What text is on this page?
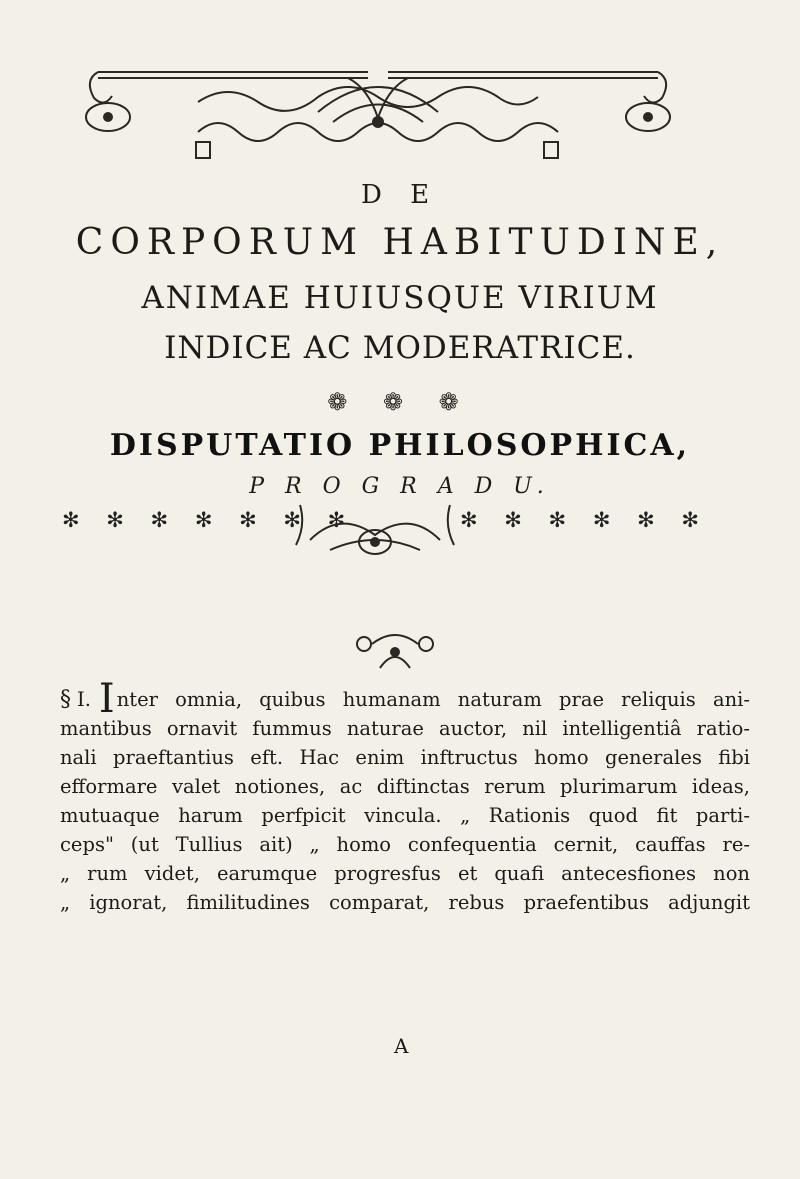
D E
CORPORUM HABITUDINE,
ANIMAE HUIUSQUE VIRIUM
INDICE AC MODERATRICE.
❁ ❁ ❁
DISPUTATIO PHILOSOPHICA,
P R O G R A D U.
✻ ✻ ✻ ✻ ✻ ✻ ✻	✻ ✻ ✻ ✻ ✻ ✻
§ I. I nter omnia, quibus humanam naturam prae reliquis ani-
mantibus ornavit fummus naturae auctor, nil intelligentiâ ratio-
nali praeftantius eft. Hac enim inftructus homo generales fibi
efformare valet notiones, ac diftinctas rerum plurimarum ideas,
mutuaque harum perfpicit vincula. „ Rationis quod fit parti-
ceps" (ut Tullius ait) „ homo confequentia cernit, cauffas re-
„ rum videt, earumque progresfus et quafi antecesfiones non
„ ignorat, fimilitudines comparat, rebus praefentibus adjungit
A
